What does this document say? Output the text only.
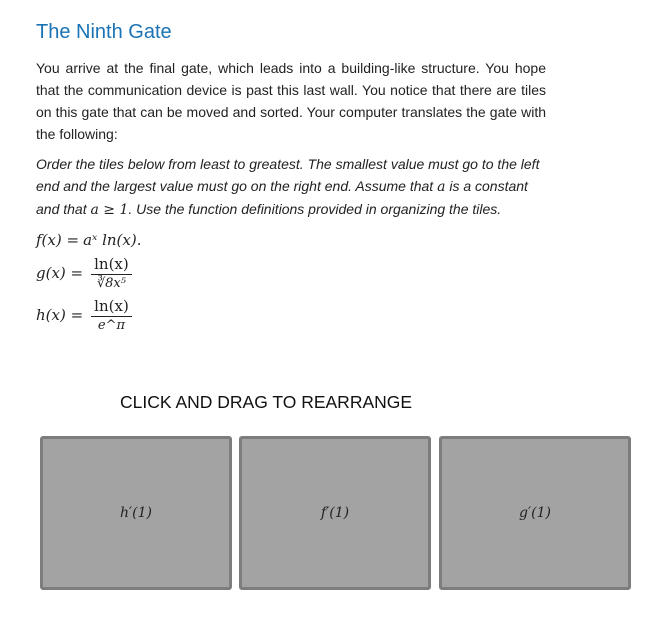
The Ninth Gate

You arrive at the final gate, which leads into a building-like structure. You hope that the communication device is past this last wall. You notice that there are tiles on this gate that can be moved and sorted. Your computer translates the gate with the following:

Order the tiles below from least to greatest. The smallest value must go to the left end and the largest value must go on the right end. Assume that a is a constant and that a ≥ 1. Use the function definitions provided in organizing the tiles.

f(x) = aˣ ln(x).
$g(x) = \frac{\ln(x)}{\text{∛8x⁵}}$
$h(x) = \frac{\ln(x)}{e\^{}\pi}$
CLICK AND DRAG TO REARRANGE
h′(1)	f′(1)	g′(1)
